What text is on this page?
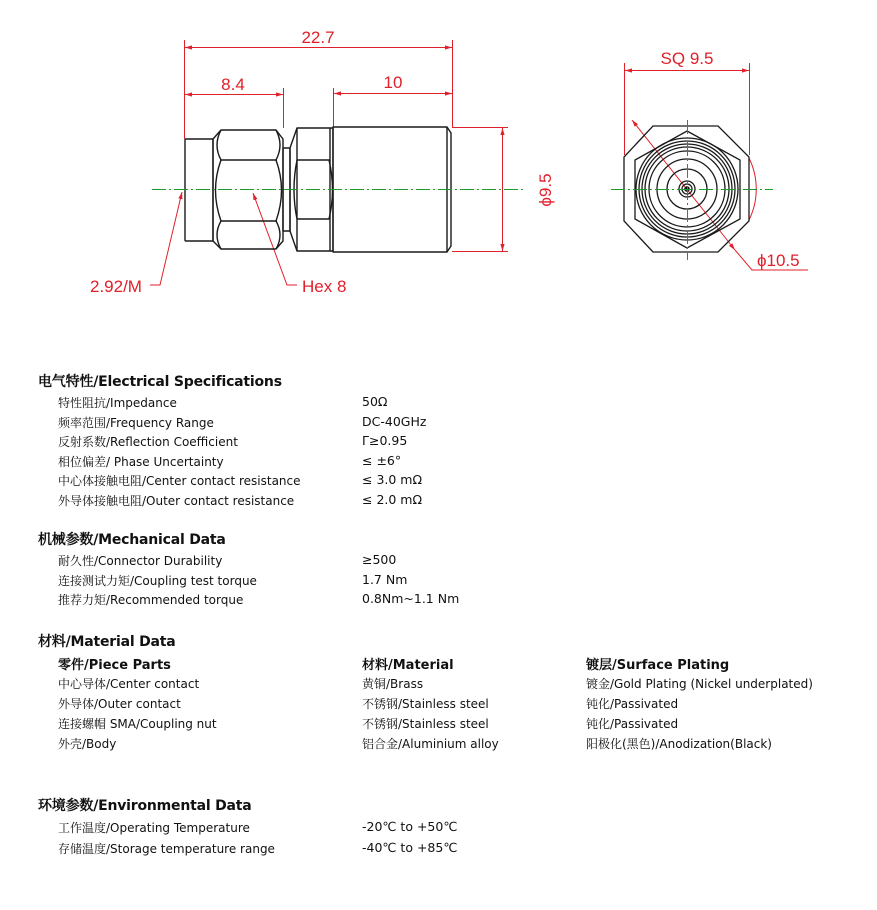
22.7
8.4	10
ϕ9.5
2.92/M	Hex 8
SQ 9.5
ϕ10.5
电气特性/Electrical Specifications
特性阻抗/Impedance	50Ω
频率范围/Frequency Range	DC-40GHz
反射系数/Reflection Coefficient	Γ≥0.95
相位偏差/ Phase Uncertainty	≤ ±6°
中心体接触电阻/Center contact resistance	≤ 3.0 mΩ
外导体接触电阻/Outer contact resistance	≤ 2.0 mΩ
机械参数/Mechanical Data
耐久性/Connector Durability	≥500
连接测试力矩/Coupling test torque	1.7 Nm
推荐力矩/Recommended torque	0.8Nm~1.1 Nm
材料/Material Data
零件/Piece Parts	材料/Material	镀层/Surface Plating
中心导体/Center contact	黄铜/Brass	镀金/Gold Plating (Nickel underplated)
外导体/Outer contact	不锈钢/Stainless steel	钝化/Passivated
连接螺帽 SMA/Coupling nut	不锈钢/Stainless steel	钝化/Passivated
外壳/Body	铝合金/Aluminium alloy	阳极化(黑色)/Anodization(Black)
环境参数/Environmental Data
工作温度/Operating Temperature	-20℃ to +50℃
存储温度/Storage temperature range	-40℃ to +85℃
